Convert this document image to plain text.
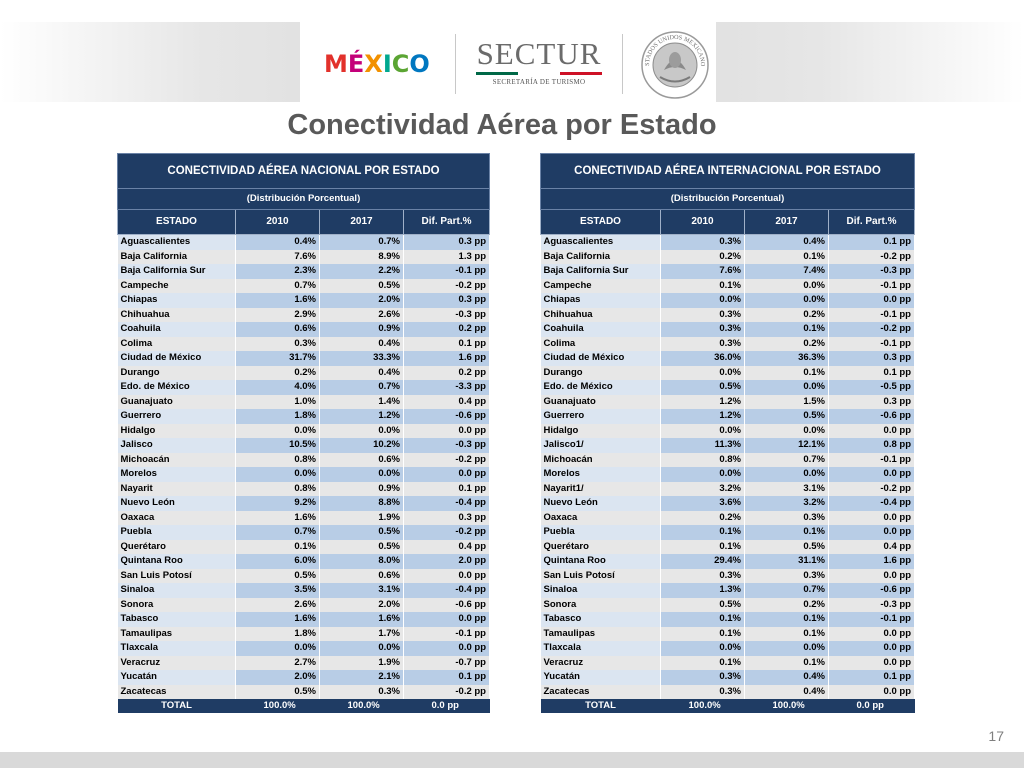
MÉXICO SECTUR
SECRETARÍA DE TURISMO
STADOS UNIDOS MEXICANO
Conectividad Aérea por Estado
CONECTIVIDAD AÉREA NACIONAL POR ESTADO			
(Distribución Porcentual)			
ESTADO	2010	2017	Dif. Part.%
Aguascalientes	0.4%	0.7%	0.3 pp
Baja California	7.6%	8.9%	1.3 pp
Baja California Sur	2.3%	2.2%	-0.1 pp
Campeche	0.7%	0.5%	-0.2 pp
Chiapas	1.6%	2.0%	0.3 pp
Chihuahua	2.9%	2.6%	-0.3 pp
Coahuila	0.6%	0.9%	0.2 pp
Colima	0.3%	0.4%	0.1 pp
Ciudad de México	31.7%	33.3%	1.6 pp
Durango	0.2%	0.4%	0.2 pp
Edo. de México	4.0%	0.7%	-3.3 pp
Guanajuato	1.0%	1.4%	0.4 pp
Guerrero	1.8%	1.2%	-0.6 pp
Hidalgo	0.0%	0.0%	0.0 pp
Jalisco	10.5%	10.2%	-0.3 pp
Michoacán	0.8%	0.6%	-0.2 pp
Morelos	0.0%	0.0%	0.0 pp
Nayarit	0.8%	0.9%	0.1 pp
Nuevo León	9.2%	8.8%	-0.4 pp
Oaxaca	1.6%	1.9%	0.3 pp
Puebla	0.7%	0.5%	-0.2 pp
Querétaro	0.1%	0.5%	0.4 pp
Quintana Roo	6.0%	8.0%	2.0 pp
San Luis Potosí	0.5%	0.6%	0.0 pp
Sinaloa	3.5%	3.1%	-0.4 pp
Sonora	2.6%	2.0%	-0.6 pp
Tabasco	1.6%	1.6%	0.0 pp
Tamaulipas	1.8%	1.7%	-0.1 pp
Tlaxcala	0.0%	0.0%	0.0 pp
Veracruz	2.7%	1.9%	-0.7 pp
Yucatán	2.0%	2.1%	0.1 pp
Zacatecas	0.5%	0.3%	-0.2 pp
TOTAL	100.0%	100.0%	0.0 pp
CONECTIVIDAD AÉREA INTERNACIONAL POR ESTADO			
(Distribución Porcentual)			
ESTADO	2010	2017	Dif. Part.%
Aguascalientes	0.3%	0.4%	0.1 pp
Baja California	0.2%	0.1%	-0.2 pp
Baja California Sur	7.6%	7.4%	-0.3 pp
Campeche	0.1%	0.0%	-0.1 pp
Chiapas	0.0%	0.0%	0.0 pp
Chihuahua	0.3%	0.2%	-0.1 pp
Coahuila	0.3%	0.1%	-0.2 pp
Colima	0.3%	0.2%	-0.1 pp
Ciudad de México	36.0%	36.3%	0.3 pp
Durango	0.0%	0.1%	0.1 pp
Edo. de México	0.5%	0.0%	-0.5 pp
Guanajuato	1.2%	1.5%	0.3 pp
Guerrero	1.2%	0.5%	-0.6 pp
Hidalgo	0.0%	0.0%	0.0 pp
Jalisco1/	11.3%	12.1%	0.8 pp
Michoacán	0.8%	0.7%	-0.1 pp
Morelos	0.0%	0.0%	0.0 pp
Nayarit1/	3.2%	3.1%	-0.2 pp
Nuevo León	3.6%	3.2%	-0.4 pp
Oaxaca	0.2%	0.3%	0.0 pp
Puebla	0.1%	0.1%	0.0 pp
Querétaro	0.1%	0.5%	0.4 pp
Quintana Roo	29.4%	31.1%	1.6 pp
San Luis Potosí	0.3%	0.3%	0.0 pp
Sinaloa	1.3%	0.7%	-0.6 pp
Sonora	0.5%	0.2%	-0.3 pp
Tabasco	0.1%	0.1%	-0.1 pp
Tamaulipas	0.1%	0.1%	0.0 pp
Tlaxcala	0.0%	0.0%	0.0 pp
Veracruz	0.1%	0.1%	0.0 pp
Yucatán	0.3%	0.4%	0.1 pp
Zacatecas	0.3%	0.4%	0.0 pp
TOTAL	100.0%	100.0%	0.0 pp
17
